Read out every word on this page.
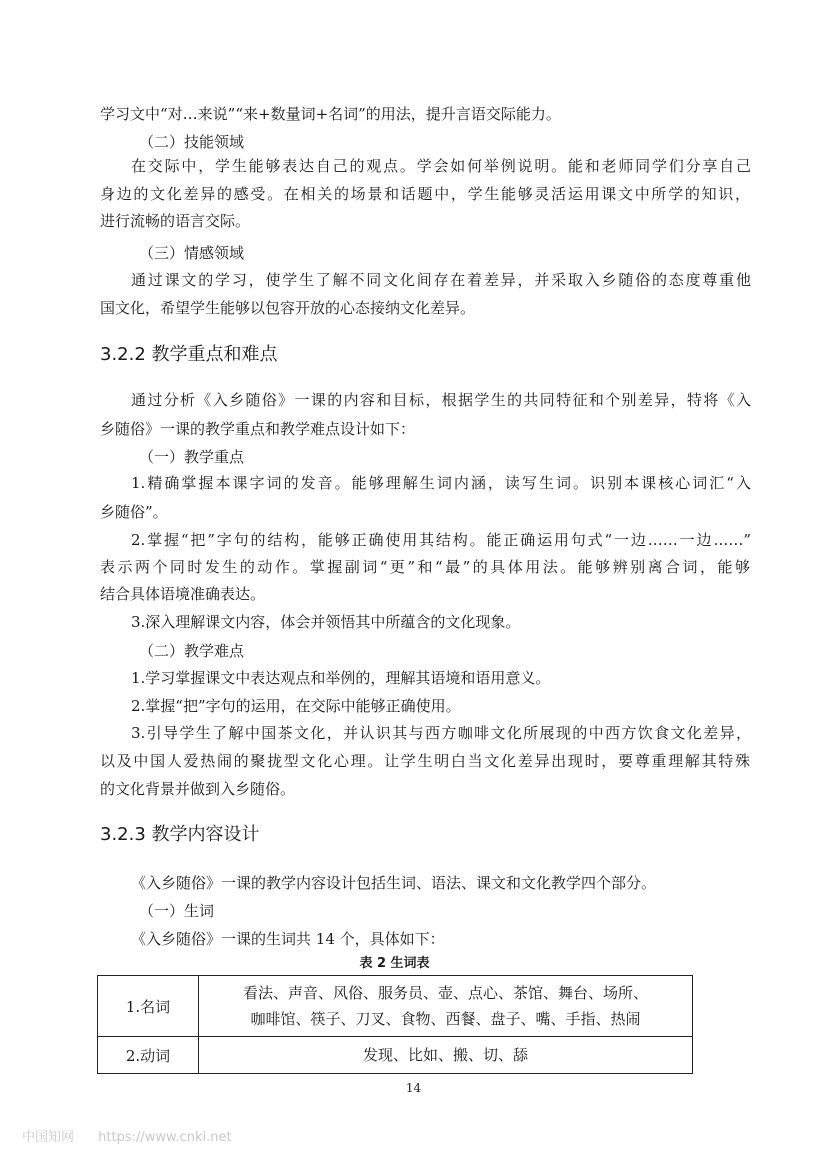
学习文中“对…来说”“来+数量词+名词”的用法，提升言语交际能力。
（二）技能领域
在交际中，学生能够表达自己的观点。学会如何举例说明。能和老师同学们分享自己
身边的文化差异的感受。在相关的场景和话题中，学生能够灵活运用课文中所学的知识，
进行流畅的语言交际。
（三）情感领域
通过课文的学习，使学生了解不同文化间存在着差异，并采取入乡随俗的态度尊重他
国文化，希望学生能够以包容开放的心态接纳文化差异。
3.2.2 教学重点和难点
通过分析《入乡随俗》一课的内容和目标，根据学生的共同特征和个别差异，特将《入
乡随俗》一课的教学重点和教学难点设计如下：
（一）教学重点
1.精确掌握本课字词的发音。能够理解生词内涵，读写生词。识别本课核心词汇“入
乡随俗”。
2.掌握“把”字句的结构，能够正确使用其结构。能正确运用句式“一边……一边……”
表示两个同时发生的动作。掌握副词“更”和“最”的具体用法。能够辨别离合词，能够
结合具体语境准确表达。
3.深入理解课文内容，体会并领悟其中所蕴含的文化现象。
（二）教学难点
1.学习掌握课文中表达观点和举例的，理解其语境和语用意义。
2.掌握“把”字句的运用，在交际中能够正确使用。
3.引导学生了解中国茶文化，并认识其与西方咖啡文化所展现的中西方饮食文化差异，
以及中国人爱热闹的聚拢型文化心理。让学生明白当文化差异出现时，要尊重理解其特殊
的文化背景并做到入乡随俗。
3.2.3 教学内容设计
《入乡随俗》一课的教学内容设计包括生词、语法、课文和文化教学四个部分。
（一）生词
《入乡随俗》一课的生词共 14 个，具体如下：
表 2 生词表
1.名词	看法、声音、风俗、服务员、壶、点心、茶馆、舞台、场所、
咖啡馆、筷子、刀叉、食物、西餐、盘子、嘴、手指、热闹

2.动词	发现、比如、搬、切、舔
14
中国知网 https://www.cnki.net
